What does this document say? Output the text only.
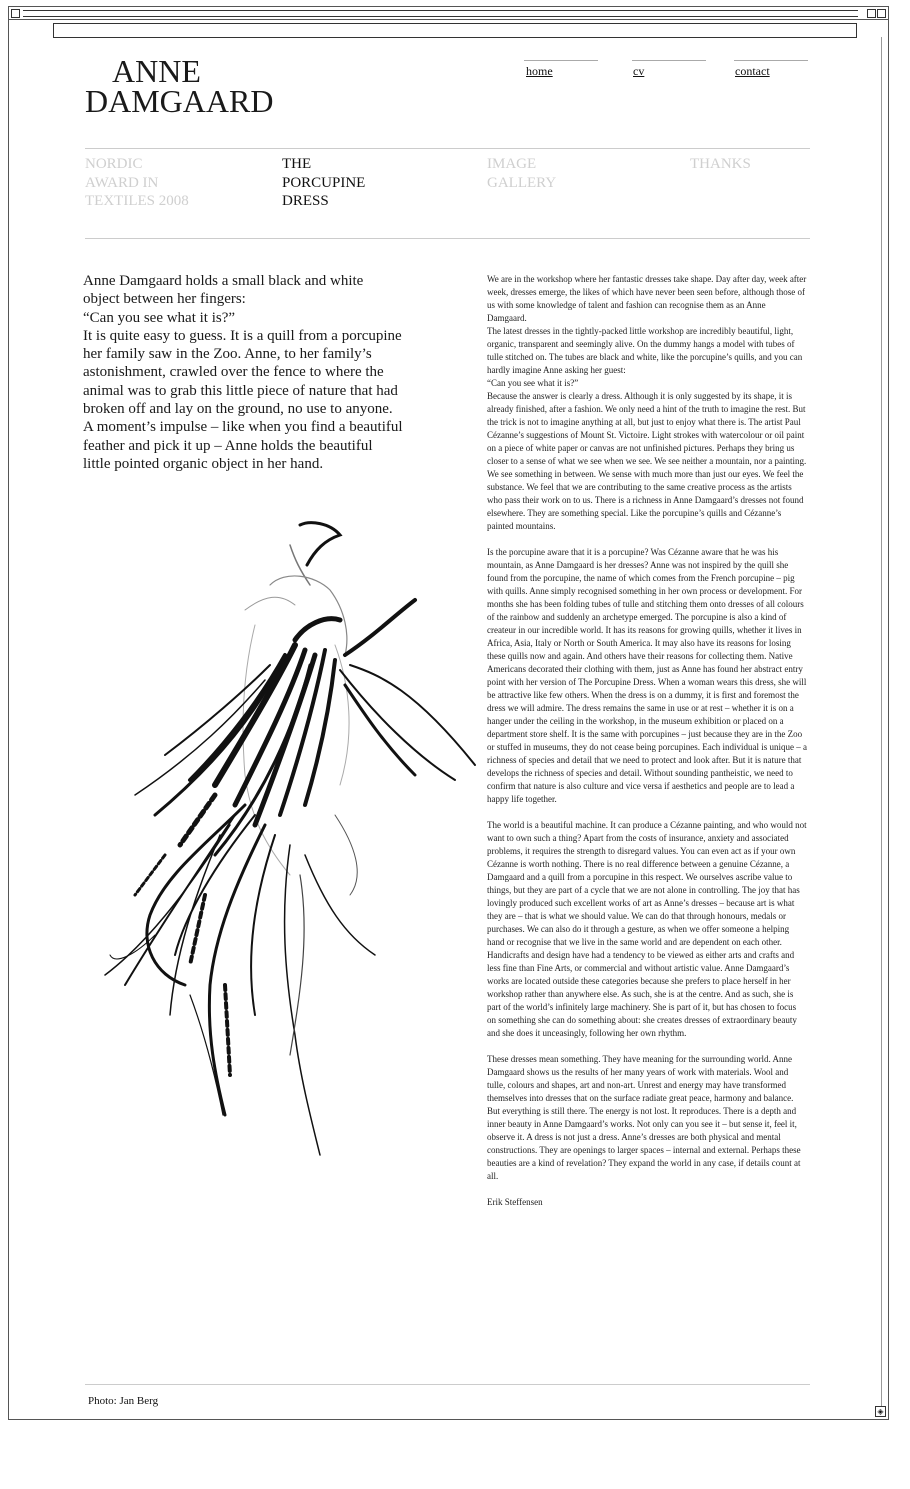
◈
ANNE
DAMGAARD
home	cv	contact
NORDIC AWARD IN TEXTILES 2008
THE PORCUPINE DRESS
IMAGE GALLERY
THANKS

Anne Damgaard holds a small black and white object between her fingers:

“Can you see what it is?”

It is quite easy to guess. It is a quill from a porcupine her family saw in the Zoo. Anne, to her family’s astonishment, crawled over the fence to where the animal was to grab this little piece of nature that had broken off and lay on the ground, no use to anyone. A moment’s impulse – like when you find a beautiful feather and pick it up – Anne holds the beautiful little pointed organic object in her hand.

We are in the workshop where her fantastic dresses take shape. Day after day, week after week, dresses emerge, the likes of which have never been seen before, although those of us with some knowledge of talent and fashion can recognise them as an Anne Damgaard.

The latest dresses in the tightly-packed little workshop are incredibly beautiful, light, organic, transparent and seemingly alive. On the dummy hangs a model with tubes of tulle stitched on. The tubes are black and white, like the porcupine’s quills, and you can hardly imagine Anne asking her guest:

“Can you see what it is?”

Because the answer is clearly a dress. Although it is only suggested by its shape, it is already finished, after a fashion. We only need a hint of the truth to imagine the rest. But the trick is not to imagine anything at all, but just to enjoy what there is. The artist Paul Cézanne’s suggestions of Mount St. Victoire. Light strokes with watercolour or oil paint on a piece of white paper or canvas are not unfinished pictures. Perhaps they bring us closer to a sense of what we see when we see. We see neither a mountain, nor a painting. We see something in between. We sense with much more than just our eyes. We feel the substance. We feel that we are contributing to the same creative process as the artists who pass their work on to us. There is a richness in Anne Damgaard’s dresses not found elsewhere. They are something special. Like the porcupine’s quills and Cézanne’s painted mountains.

Is the porcupine aware that it is a porcupine? Was Cézanne aware that he was his mountain, as Anne Damgaard is her dresses? Anne was not inspired by the quill she found from the porcupine, the name of which comes from the French porcupine – pig with quills. Anne simply recognised something in her own process or development. For months she has been folding tubes of tulle and stitching them onto dresses of all colours of the rainbow and suddenly an archetype emerged. The porcupine is also a kind of createur in our incredible world. It has its reasons for growing quills, whether it lives in Africa, Asia, Italy or North or South America. It may also have its reasons for losing these quills now and again. And others have their reasons for collecting them. Native Americans decorated their clothing with them, just as Anne has found her abstract entry point with her version of The Porcupine Dress. When a woman wears this dress, she will be attractive like few others. When the dress is on a dummy, it is first and foremost the dress we will admire. The dress remains the same in use or at rest – whether it is on a hanger under the ceiling in the workshop, in the museum exhibition or placed on a department store shelf. It is the same with porcupines – just because they are in the Zoo or stuffed in museums, they do not cease being porcupines. Each individual is unique – a richness of species and detail that we need to protect and look after. But it is nature that develops the richness of species and detail. Without sounding pantheistic, we need to confirm that nature is also culture and vice versa if aesthetics and people are to lead a happy life together.

The world is a beautiful machine. It can produce a Cézanne painting, and who would not want to own such a thing? Apart from the costs of insurance, anxiety and associated problems, it requires the strength to disregard values. You can even act as if your own Cézanne is worth nothing. There is no real difference between a genuine Cézanne, a Damgaard and a quill from a porcupine in this respect. We ourselves ascribe value to things, but they are part of a cycle that we are not alone in controlling. The joy that has lovingly produced such excellent works of art as Anne’s dresses – because art is what they are – that is what we should value. We can do that through honours, medals or purchases. We can also do it through a gesture, as when we offer someone a helping hand or recognise that we live in the same world and are dependent on each other. Handicrafts and design have had a tendency to be viewed as either arts and crafts and less fine than Fine Arts, or commercial and without artistic value. Anne Damgaard’s works are located outside these categories because she prefers to place herself in her workshop rather than anywhere else. As such, she is at the centre. And as such, she is part of the world’s infinitely large machinery. She is part of it, but has chosen to focus on something she can do something about: she creates dresses of extraordinary beauty and she does it unceasingly, following her own rhythm.

These dresses mean something. They have meaning for the surrounding world. Anne Damgaard shows us the results of her many years of work with materials. Wool and tulle, colours and shapes, art and non-art. Unrest and energy may have transformed themselves into dresses that on the surface radiate great peace, harmony and balance. But everything is still there. The energy is not lost. It reproduces. There is a depth and inner beauty in Anne Damgaard’s works. Not only can you see it – but sense it, feel it, observe it. A dress is not just a dress. Anne’s dresses are both physical and mental constructions. They are openings to larger spaces – internal and external. Perhaps these beauties are a kind of revelation? They expand the world in any case, if details count at all.

Erik Steffensen

Photo: Jan Berg
